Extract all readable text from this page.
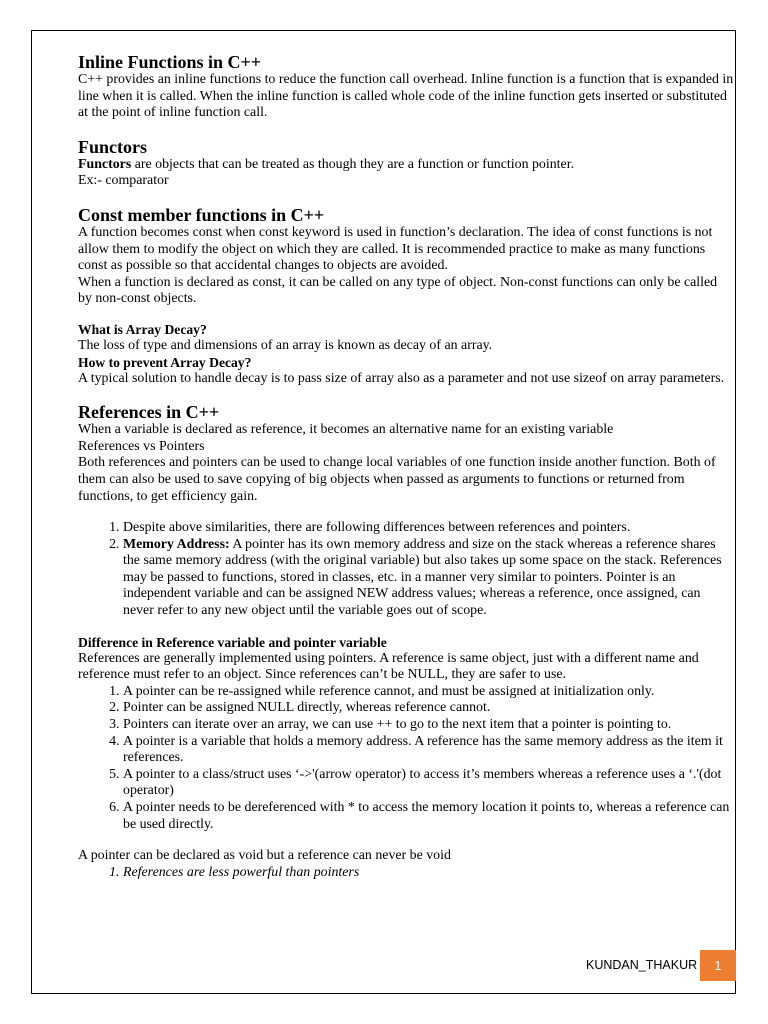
Inline Functions in C++

C++ provides an inline functions to reduce the function call overhead. Inline function is a function that is expanded in line when it is called. When the inline function is called whole code of the inline function gets inserted or substituted at the point of inline function call.

Functors

Functors are objects that can be treated as though they are a function or function pointer.

Ex:- comparator

Const member functions in C++

A function becomes const when const keyword is used in function’s declaration. The idea of const functions is not allow them to modify the object on which they are called. It is recommended practice to make as many functions const as possible so that accidental changes to objects are avoided.

When a function is declared as const, it can be called on any type of object. Non-const functions can only be called by non-const objects.

What is Array Decay?

The loss of type and dimensions of an array is known as decay of an array.

How to prevent Array Decay?

A typical solution to handle decay is to pass size of array also as a parameter and not use sizeof on array parameters.

References in C++

When a variable is declared as reference, it becomes an alternative name for an existing variable

References vs Pointers

Both references and pointers can be used to change local variables of one function inside another function. Both of them can also be used to save copying of big objects when passed as arguments to functions or returned from functions, to get efficiency gain.

1. Despite above similarities, there are following differences between references and pointers.
2. Memory Address: A pointer has its own memory address and size on the stack whereas a reference shares the same memory address (with the original variable) but also takes up some space on the stack. References may be passed to functions, stored in classes, etc. in a manner very similar to pointers. Pointer is an independent variable and can be assigned NEW address values; whereas a reference, once assigned, can never refer to any new object until the variable goes out of scope.
Difference in Reference variable and pointer variable

References are generally implemented using pointers. A reference is same object, just with a different name and reference must refer to an object. Since references can’t be NULL, they are safer to use.

1. A pointer can be re-assigned while reference cannot, and must be assigned at initialization only.
2. Pointer can be assigned NULL directly, whereas reference cannot.
3. Pointers can iterate over an array, we can use ++ to go to the next item that a pointer is pointing to.
4. A pointer is a variable that holds a memory address. A reference has the same memory address as the item it references.
5. A pointer to a class/struct uses ‘->'(arrow operator) to access it’s members whereas a reference uses a ‘.'(dot operator)
6. A pointer needs to be dereferenced with * to access the memory location it points to, whereas a reference can be used directly.

A pointer can be declared as void but a reference can never be void

1. References are less powerful than pointers
KUNDAN_THAKUR	1
